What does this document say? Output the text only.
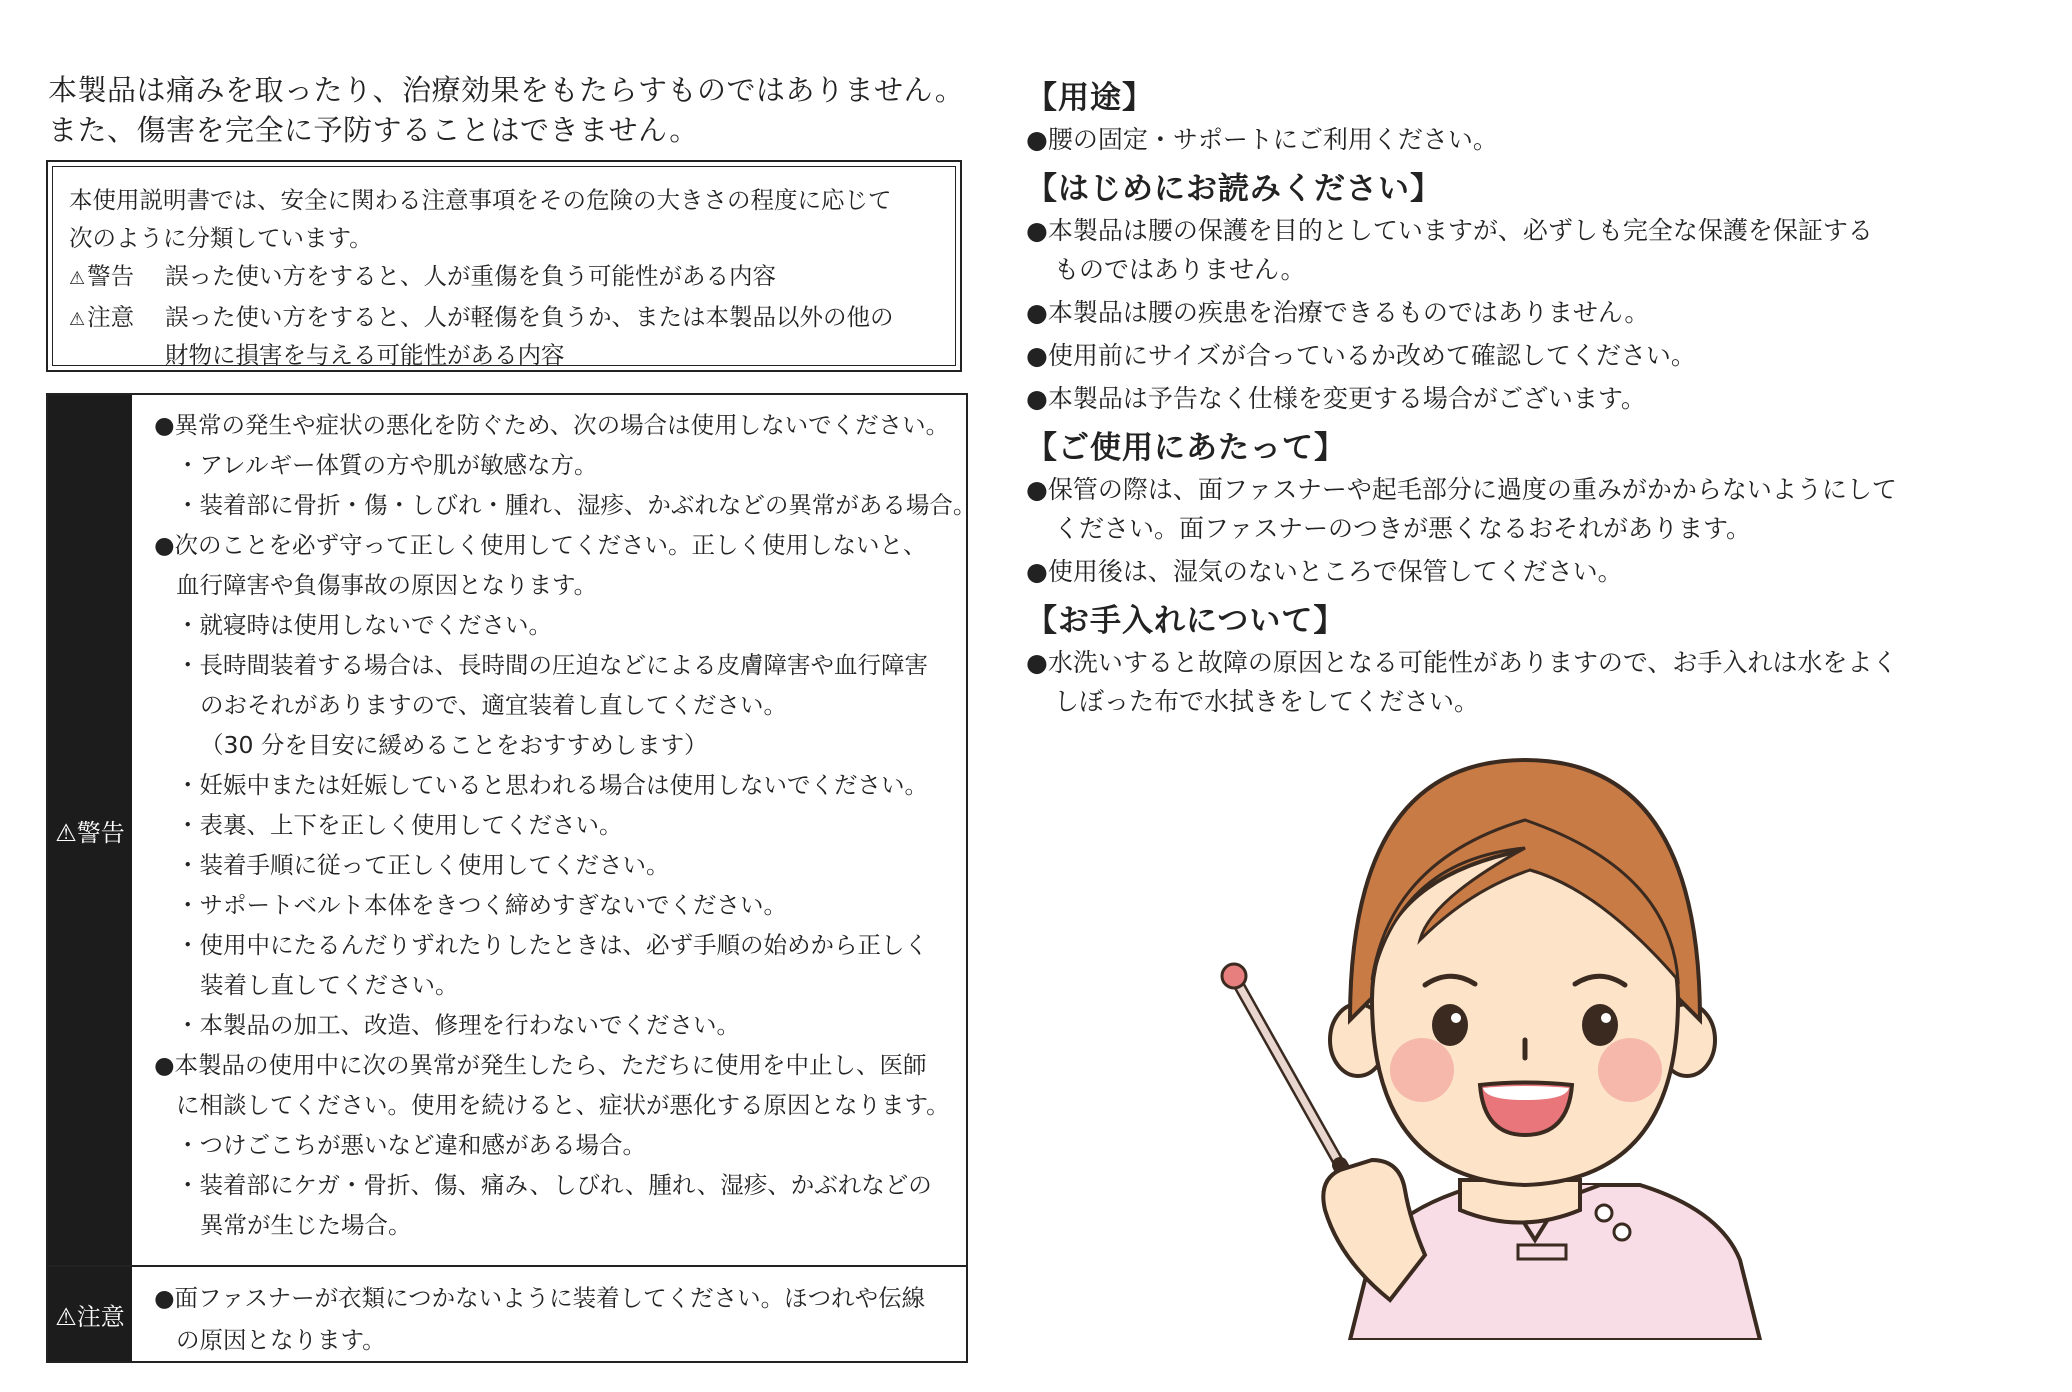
本製品は痛みを取ったり、治療効果をもたらすものではありません。
また、傷害を完全に予防することはできません。
本使用説明書では、安全に関わる注意事項をその危険の大きさの程度に応じて
次のように分類しています。
⚠警告	誤った使い方をすると、人が重傷を負う可能性がある内容
⚠注意	誤った使い方をすると、人が軽傷を負うか、または本製品以外の他の
財物に損害を与える可能性がある内容
⚠警告
●異常の発生や症状の悪化を防ぐため、次の場合は使用しないでください。
・アレルギー体質の方や肌が敏感な方。
・装着部に骨折・傷・しびれ・腫れ、湿疹、かぶれなどの異常がある場合。
●次のことを必ず守って正しく使用してください。正しく使用しないと、
血行障害や負傷事故の原因となります。
・就寝時は使用しないでください。
・長時間装着する場合は、長時間の圧迫などによる皮膚障害や血行障害
のおそれがありますので、適宜装着し直してください。
（30 分を目安に緩めることをおすすめします）
・妊娠中または妊娠していると思われる場合は使用しないでください。
・表裏、上下を正しく使用してください。
・装着手順に従って正しく使用してください。
・サポートベルト本体をきつく締めすぎないでください。
・使用中にたるんだりずれたりしたときは、必ず手順の始めから正しく
装着し直してください。
・本製品の加工、改造、修理を行わないでください。
●本製品の使用中に次の異常が発生したら、ただちに使用を中止し、医師
に相談してください。使用を続けると、症状が悪化する原因となります。
・つけごこちが悪いなど違和感がある場合。
・装着部にケガ・骨折、傷、痛み、しびれ、腫れ、湿疹、かぶれなどの
異常が生じた場合。
⚠注意
●面ファスナーが衣類につかないように装着してください。ほつれや伝線
の原因となります。
【用途】
●腰の固定・サポートにご利用ください。
【はじめにお読みください】
●本製品は腰の保護を目的としていますが、必ずしも完全な保護を保証する
ものではありません。
●本製品は腰の疾患を治療できるものではありません。
●使用前にサイズが合っているか改めて確認してください。
●本製品は予告なく仕様を変更する場合がございます。
【ご使用にあたって】
●保管の際は、面ファスナーや起毛部分に過度の重みがかからないようにして
ください。面ファスナーのつきが悪くなるおそれがあります。
●使用後は、湿気のないところで保管してください。
【お手入れについて】
●水洗いすると故障の原因となる可能性がありますので、お手入れは水をよく
しぼった布で水拭きをしてください。
